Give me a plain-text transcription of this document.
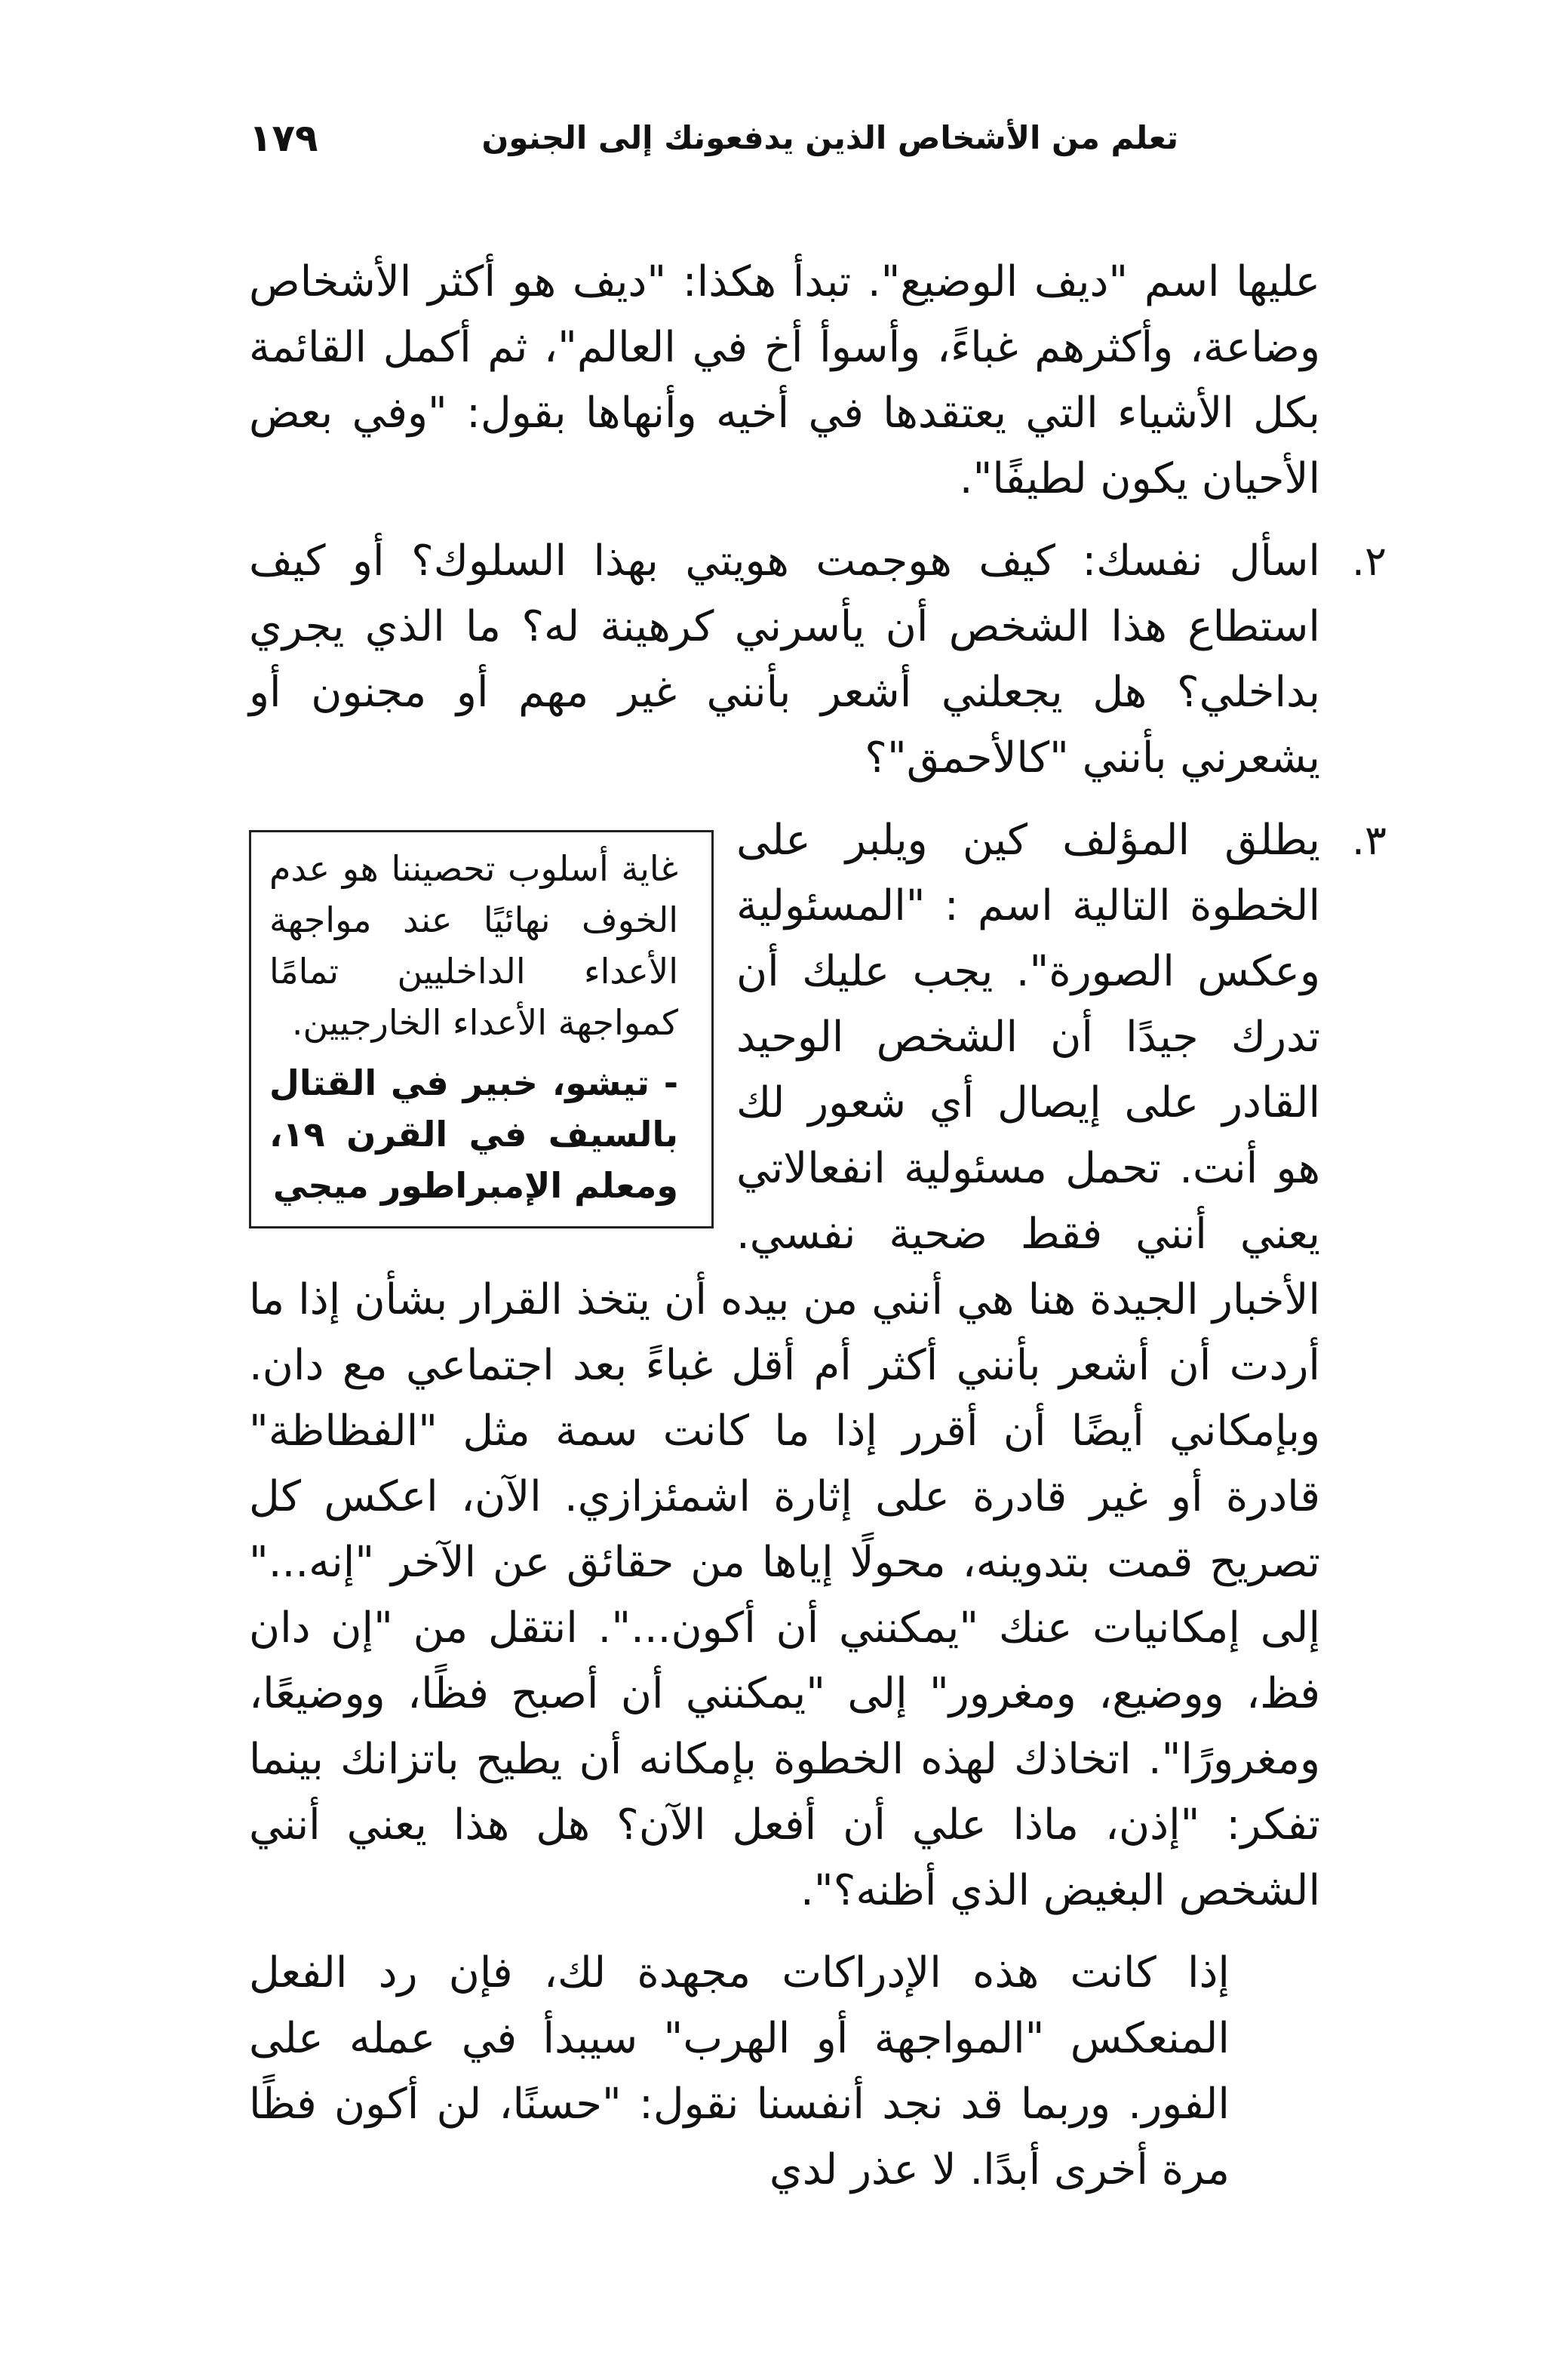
تعلم من الأشخاص الذين يدفعونك إلى الجنون
١٧٩

عليها اسم "ديف الوضيع". تبدأ هكذا: "ديف هو أكثر الأشخاص وضاعة، وأكثرهم غباءً، وأسوأ أخ في العالم"، ثم أكمل القائمة بكل الأشياء التي يعتقدها في أخيه وأنهاها بقول: "وفي بعض الأحيان يكون لطيفًا".

٢.

اسأل نفسك: كيف هوجمت هويتي بهذا السلوك؟ أو كيف استطاع هذا الشخص أن يأسرني كرهينة له؟ ما الذي يجري بداخلي؟ هل يجعلني أشعر بأنني غير مهم أو مجنون أو يشعرني بأنني "كالأحمق"؟

٣.

غاية أسلوب تحصيننا هو عدم الخوف نهائيًا عند مواجهة الأعداء الداخليين تمامًا كمواجهة الأعداء الخارجيين.

- تيشو، خبير في القتال بالسيف في القرن ١٩، ومعلم الإمبراطور ميجي

يطلق المؤلف كين ويلبر على الخطوة التالية اسم : "المسئولية وعكس الصورة". يجب عليك أن تدرك جيدًا أن الشخص الوحيد القادر على إيصال أي شعور لك هو أنت. تحمل مسئولية انفعالاتي يعني أنني فقط ضحية نفسي. الأخبار الجيدة هنا هي أنني من بيده أن يتخذ القرار بشأن إذا ما أردت أن أشعر بأنني أكثر أم أقل غباءً بعد اجتماعي مع دان. وبإمكاني أيضًا أن أقرر إذا ما كانت سمة مثل "الفظاظة" قادرة أو غير قادرة على إثارة اشمئزازي. الآن، اعكس كل تصريح قمت بتدوينه، محولًا إياها من حقائق عن الآخر "إنه..." إلى إمكانيات عنك "يمكنني أن أكون...". انتقل من "إن دان فظ، ووضيع، ومغرور" إلى "يمكنني أن أصبح فظًا، ووضيعًا، ومغرورًا". اتخاذك لهذه الخطوة بإمكانه أن يطيح باتزانك بينما تفكر: "إذن، ماذا علي أن أفعل الآن؟ هل هذا يعني أنني الشخص البغيض الذي أظنه؟".

إذا كانت هذه الإدراكات مجهدة لك، فإن رد الفعل المنعكس "المواجهة أو الهرب" سيبدأ في عمله على الفور. وربما قد نجد أنفسنا نقول: "حسنًا، لن أكون فظًا مرة أخرى أبدًا. لا عذر لدي
